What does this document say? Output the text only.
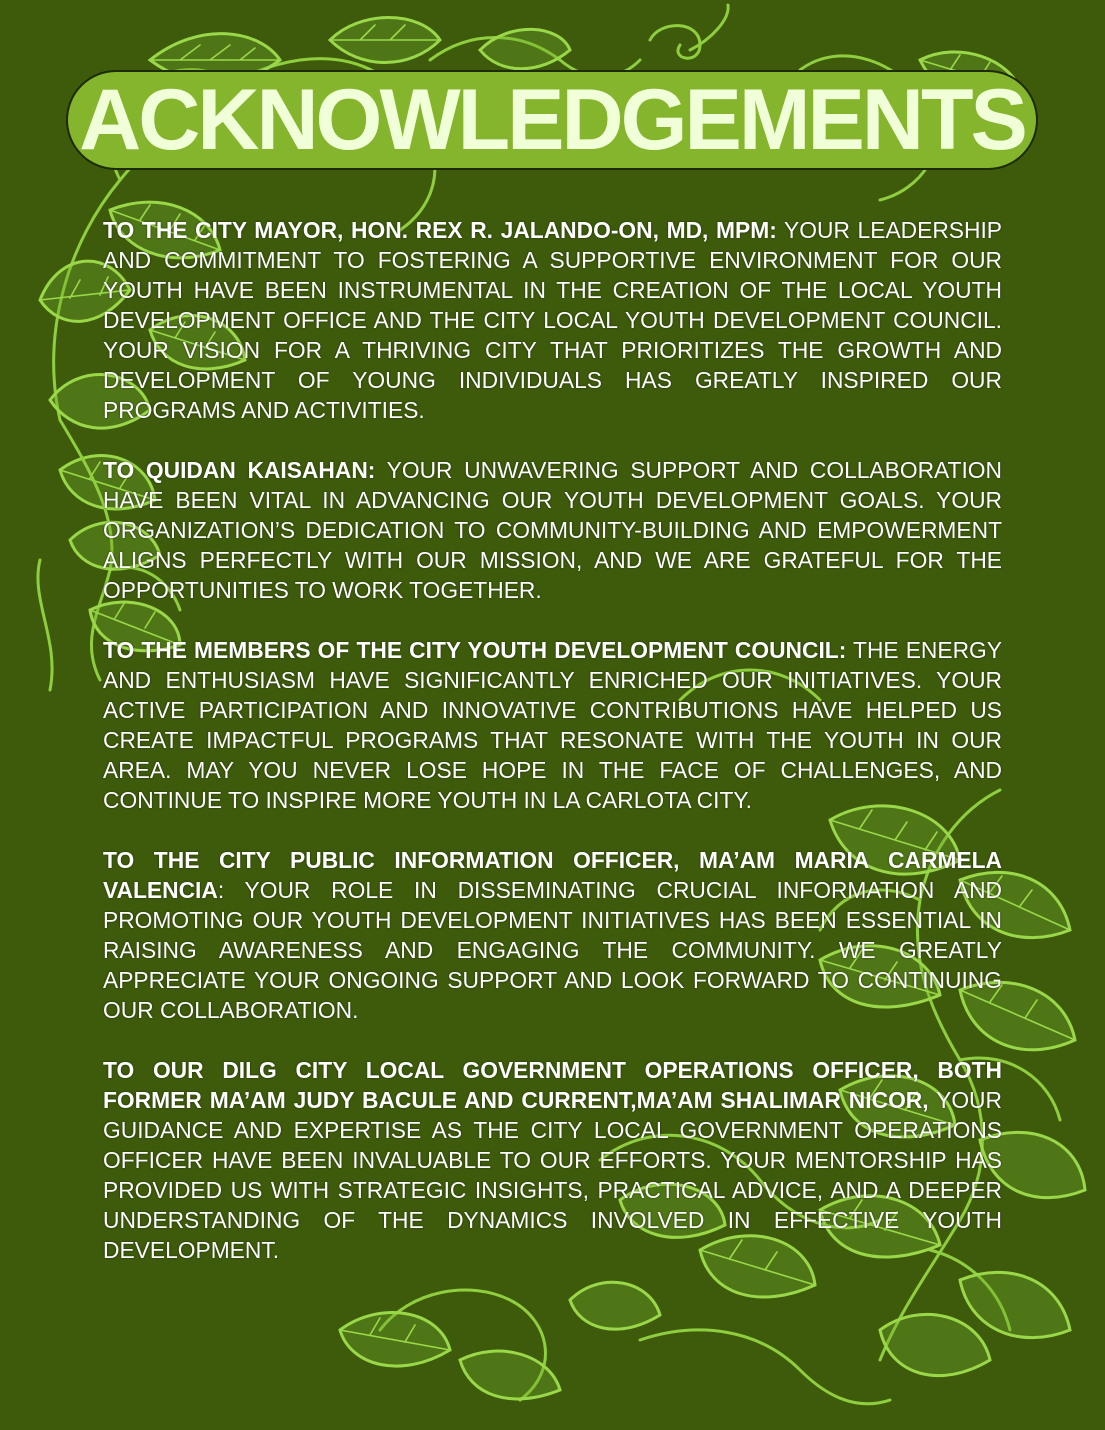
ACKNOWLEDGEMENTS

TO THE CITY MAYOR, HON. REX R. JALANDO-ON, MD, MPM: YOUR LEADERSHIP AND COMMITMENT TO FOSTERING A SUPPORTIVE ENVIRONMENT FOR OUR YOUTH HAVE BEEN INSTRUMENTAL IN THE CREATION OF THE LOCAL YOUTH DEVELOPMENT OFFICE AND THE CITY LOCAL YOUTH DEVELOPMENT COUNCIL. YOUR VISION FOR A THRIVING CITY THAT PRIORITIZES THE GROWTH AND DEVELOPMENT OF YOUNG INDIVIDUALS HAS GREATLY INSPIRED OUR PROGRAMS AND ACTIVITIES.

TO QUIDAN KAISAHAN: YOUR UNWAVERING SUPPORT AND COLLABORATION HAVE BEEN VITAL IN ADVANCING OUR YOUTH DEVELOPMENT GOALS. YOUR ORGANIZATION’S DEDICATION TO COMMUNITY-BUILDING AND EMPOWERMENT ALIGNS PERFECTLY WITH OUR MISSION, AND WE ARE GRATEFUL FOR THE OPPORTUNITIES TO WORK TOGETHER.

TO THE MEMBERS OF THE CITY YOUTH DEVELOPMENT COUNCIL: THE ENERGY AND ENTHUSIASM HAVE SIGNIFICANTLY ENRICHED OUR INITIATIVES. YOUR ACTIVE PARTICIPATION AND INNOVATIVE CONTRIBUTIONS HAVE HELPED US CREATE IMPACTFUL PROGRAMS THAT RESONATE WITH THE YOUTH IN OUR AREA. MAY YOU NEVER LOSE HOPE IN THE FACE OF CHALLENGES, AND CONTINUE TO INSPIRE MORE YOUTH IN LA CARLOTA CITY.

TO THE CITY PUBLIC INFORMATION OFFICER, MA’AM MARIA CARMELA VALENCIA: YOUR ROLE IN DISSEMINATING CRUCIAL INFORMATION AND PROMOTING OUR YOUTH DEVELOPMENT INITIATIVES HAS BEEN ESSENTIAL IN RAISING AWARENESS AND ENGAGING THE COMMUNITY. WE GREATLY APPRECIATE YOUR ONGOING SUPPORT AND LOOK FORWARD TO CONTINUING OUR COLLABORATION.

TO OUR DILG CITY LOCAL GOVERNMENT OPERATIONS OFFICER, BOTH FORMER MA’AM JUDY BACULE AND CURRENT,MA’AM SHALIMAR NICOR, YOUR GUIDANCE AND EXPERTISE AS THE CITY LOCAL GOVERNMENT OPERATIONS OFFICER HAVE BEEN INVALUABLE TO OUR EFFORTS. YOUR MENTORSHIP HAS PROVIDED US WITH STRATEGIC INSIGHTS, PRACTICAL ADVICE, AND A DEEPER UNDERSTANDING OF THE DYNAMICS INVOLVED IN EFFECTIVE YOUTH DEVELOPMENT.
